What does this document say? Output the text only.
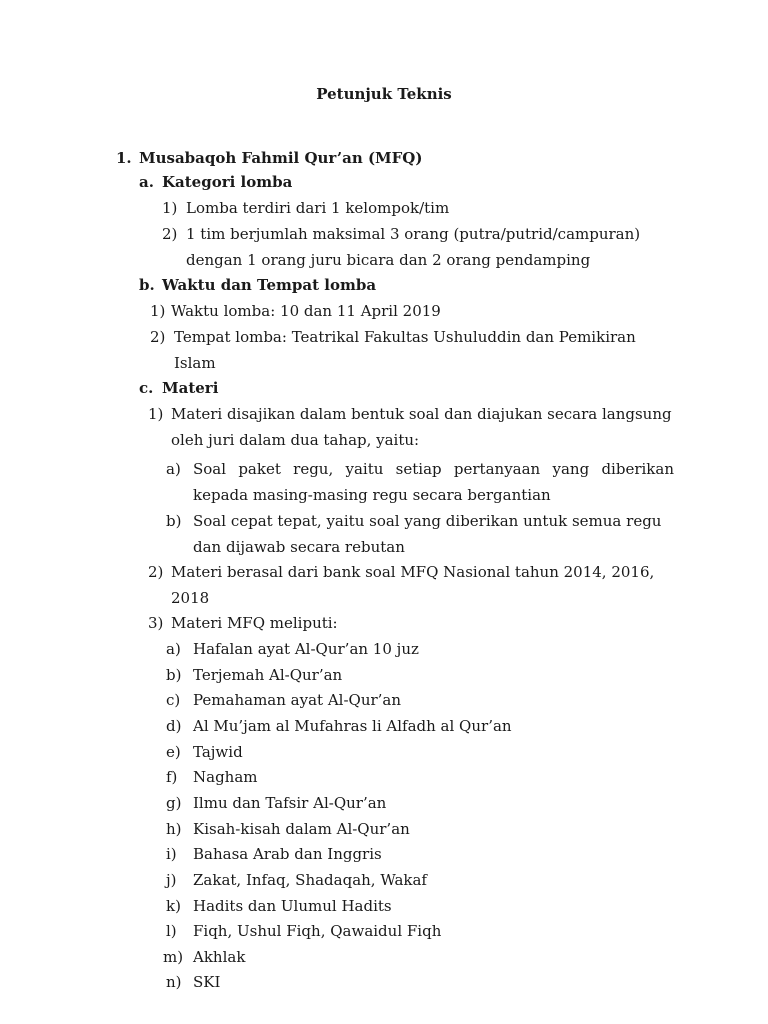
Petunjuk Teknis
1. Musabaqoh Fahmil Qur’an (MFQ)
a. Kategori lomba
1) Lomba terdiri dari 1 kelompok/tim
2) 1 tim berjumlah maksimal 3 orang (putra/putrid/campuran)
dengan 1 orang juru bicara dan 2 orang pendamping
b. Waktu dan Tempat lomba
1) Waktu lomba: 10 dan 11 April 2019
2) Tempat lomba: Teatrikal Fakultas Ushuluddin dan Pemikiran
Islam
c. Materi
1) Materi disajikan dalam bentuk soal dan diajukan secara langsung
oleh juri dalam dua tahap, yaitu:
a) Soal paket regu, yaitu setiap pertanyaan yang diberikan
kepada masing-masing regu secara bergantian
b) Soal cepat tepat, yaitu soal yang diberikan untuk semua regu
dan dijawab secara rebutan
2) Materi berasal dari bank soal MFQ Nasional tahun 2014, 2016,
2018
3) Materi MFQ meliputi:
a) Hafalan ayat Al-Qur’an 10 juz
b) Terjemah Al-Qur’an
c) Pemahaman ayat Al-Qur’an
d) Al Mu’jam al Mufahras li Alfadh al Qur’an
e) Tajwid
f) Nagham
g) Ilmu dan Tafsir Al-Qur’an
h) Kisah-kisah dalam Al-Qur’an
i) Bahasa Arab dan Inggris
j) Zakat, Infaq, Shadaqah, Wakaf
k) Hadits dan Ulumul Hadits
l) Fiqh, Ushul Fiqh, Qawaidul Fiqh
m) Akhlak
n) SKI
